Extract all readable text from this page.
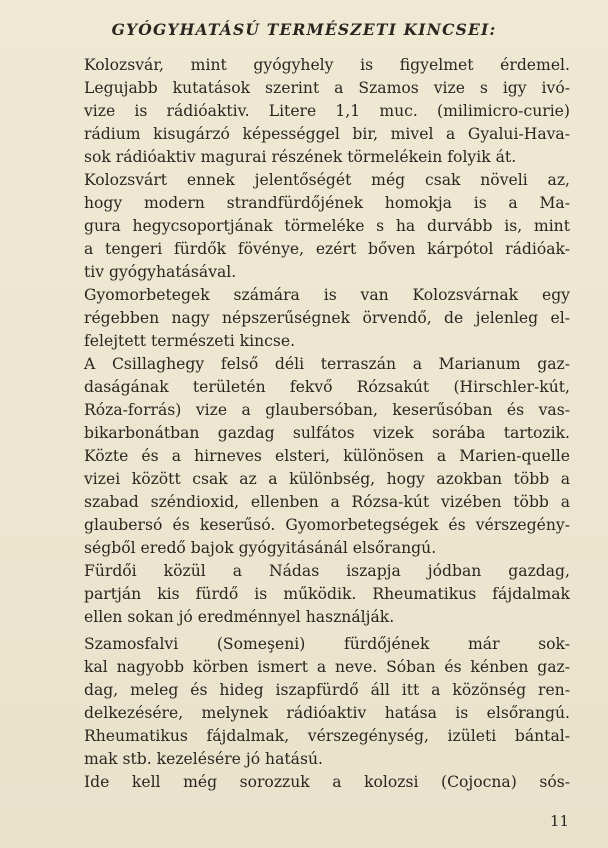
GYÓGYHATÁSÚ TERMÉSZETI KINCSEI:

Kolozsvár, mint gyógyhely is figyelmet érdemel.
Legujabb kutatások szerint a Szamos vize s igy ivó-
vize is rádióaktiv. Litere 1,1 muc. (milimicro-curie)
rádium kisugárzó képességgel bir, mivel a Gyalui-Hava-
sok rádióaktiv magurai részének törmelékein folyik át.

Kolozsvárt ennek jelentőségét még csak növeli az,
hogy modern strandfürdőjének homokja is a Ma-
gura hegycsoportjának törmeléke s ha durvább is, mint
a tengeri fürdők fövénye, ezért bőven kárpótol rádióak-
tiv gyógyhatásával.

Gyomorbetegek számára is van Kolozsvárnak egy
régebben nagy népszerűségnek örvendő, de jelenleg el-
felejtett természeti kincse.

A Csillaghegy felső déli terraszán a Marianum gaz-
daságának területén fekvő Rózsakút (Hirschler-kút,
Róza-forrás) vize a glaubersóban, keserűsóban és vas-
bikarbonátban gazdag sulfátos vizek sorába tartozik.
Közte és a hirneves elsteri, különösen a Marien-quelle
vizei között csak az a különbség, hogy azokban több a
szabad széndioxid, ellenben a Rózsa-kút vizében több a
glaubersó és keserűsó. Gyomorbetegségek és vérszegény-
ségből eredő bajok gyógyitásánál elsőrangú.

Fürdői közül a Nádas iszapja jódban gazdag,
partján kis fürdő is működik. Rheumatikus fájdalmak
ellen sokan jó eredménnyel használják.

Szamosfalvi (Someşeni) fürdőjének már sok-
kal nagyobb körben ismert a neve. Sóban és kénben gaz-
dag, meleg és hideg iszapfürdő áll itt a közönség ren-
delkezésére, melynek rádióaktiv hatása is elsőrangú.
Rheumatikus fájdalmak, vérszegénység, izületi bántal-
mak stb. kezelésére jó hatású.

Ide kell még sorozzuk a kolozsi (Cojocna) sós-

11
